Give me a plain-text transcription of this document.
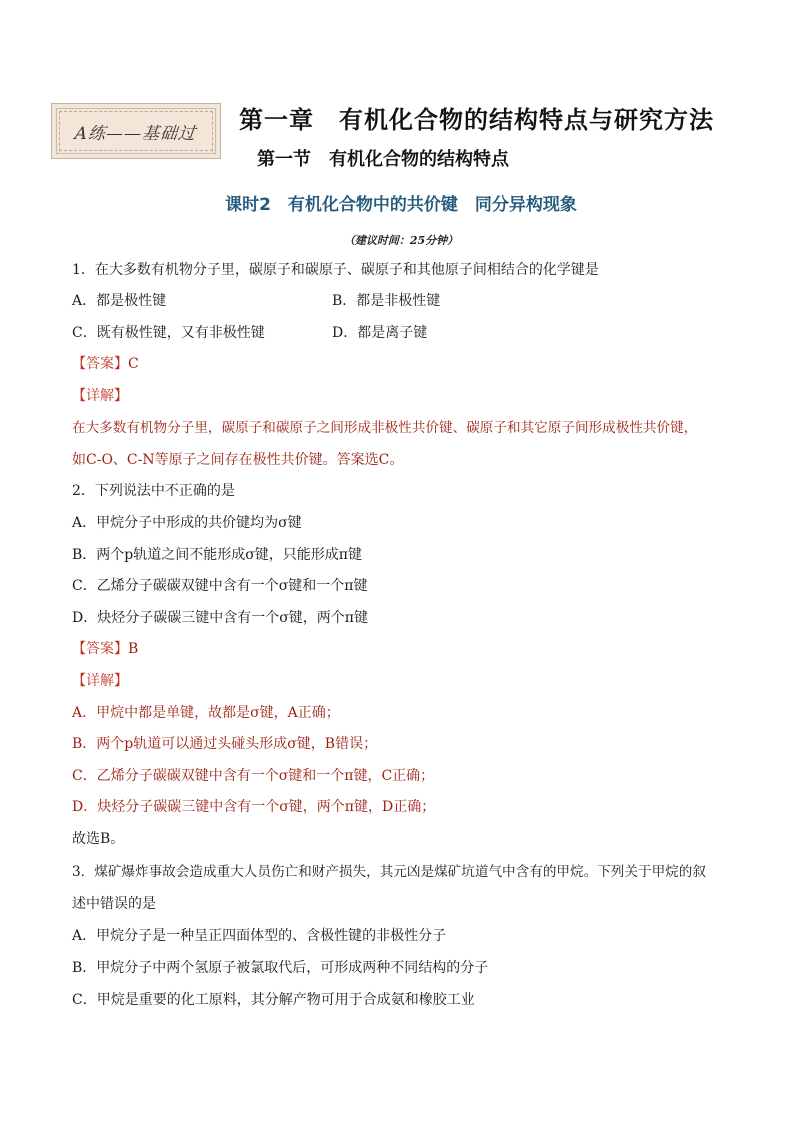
A练——基础过 第一章　有机化合物的结构特点与研究方法
第一节　有机化合物的结构特点
课时2　有机化合物中的共价键　同分异构现象
（建议时间：25分钟）
1．在大多数有机物分子里，碳原子和碳原子、碳原子和其他原子间相结合的化学键是
A．都是极性键	B．都是非极性键
C．既有极性键，又有非极性键	D．都是离子键
【答案】C
【详解】
在大多数有机物分子里，碳原子和碳原子之间形成非极性共价键、碳原子和其它原子间形成极性共价键，
如C-O、C-N等原子之间存在极性共价键。答案选C。
2．下列说法中不正确的是
A．甲烷分子中形成的共价键均为σ键
B．两个p轨道之间不能形成σ键，只能形成π键
C．乙烯分子碳碳双键中含有一个σ键和一个π键
D．炔烃分子碳碳三键中含有一个σ键，两个π键
【答案】B
【详解】
A．甲烷中都是单键，故都是σ键，A正确；
B．两个p轨道可以通过头碰头形成σ键，B错误；
C．乙烯分子碳碳双键中含有一个σ键和一个π键，C正确；
D．炔烃分子碳碳三键中含有一个σ键，两个π键，D正确；
故选B。
3．煤矿爆炸事故会造成重大人员伤亡和财产损失，其元凶是煤矿坑道气中含有的甲烷。下列关于甲烷的叙
述中错误的是
A．甲烷分子是一种呈正四面体型的、含极性键的非极性分子
B．甲烷分子中两个氢原子被氯取代后，可形成两种不同结构的分子
C．甲烷是重要的化工原料，其分解产物可用于合成氨和橡胶工业
